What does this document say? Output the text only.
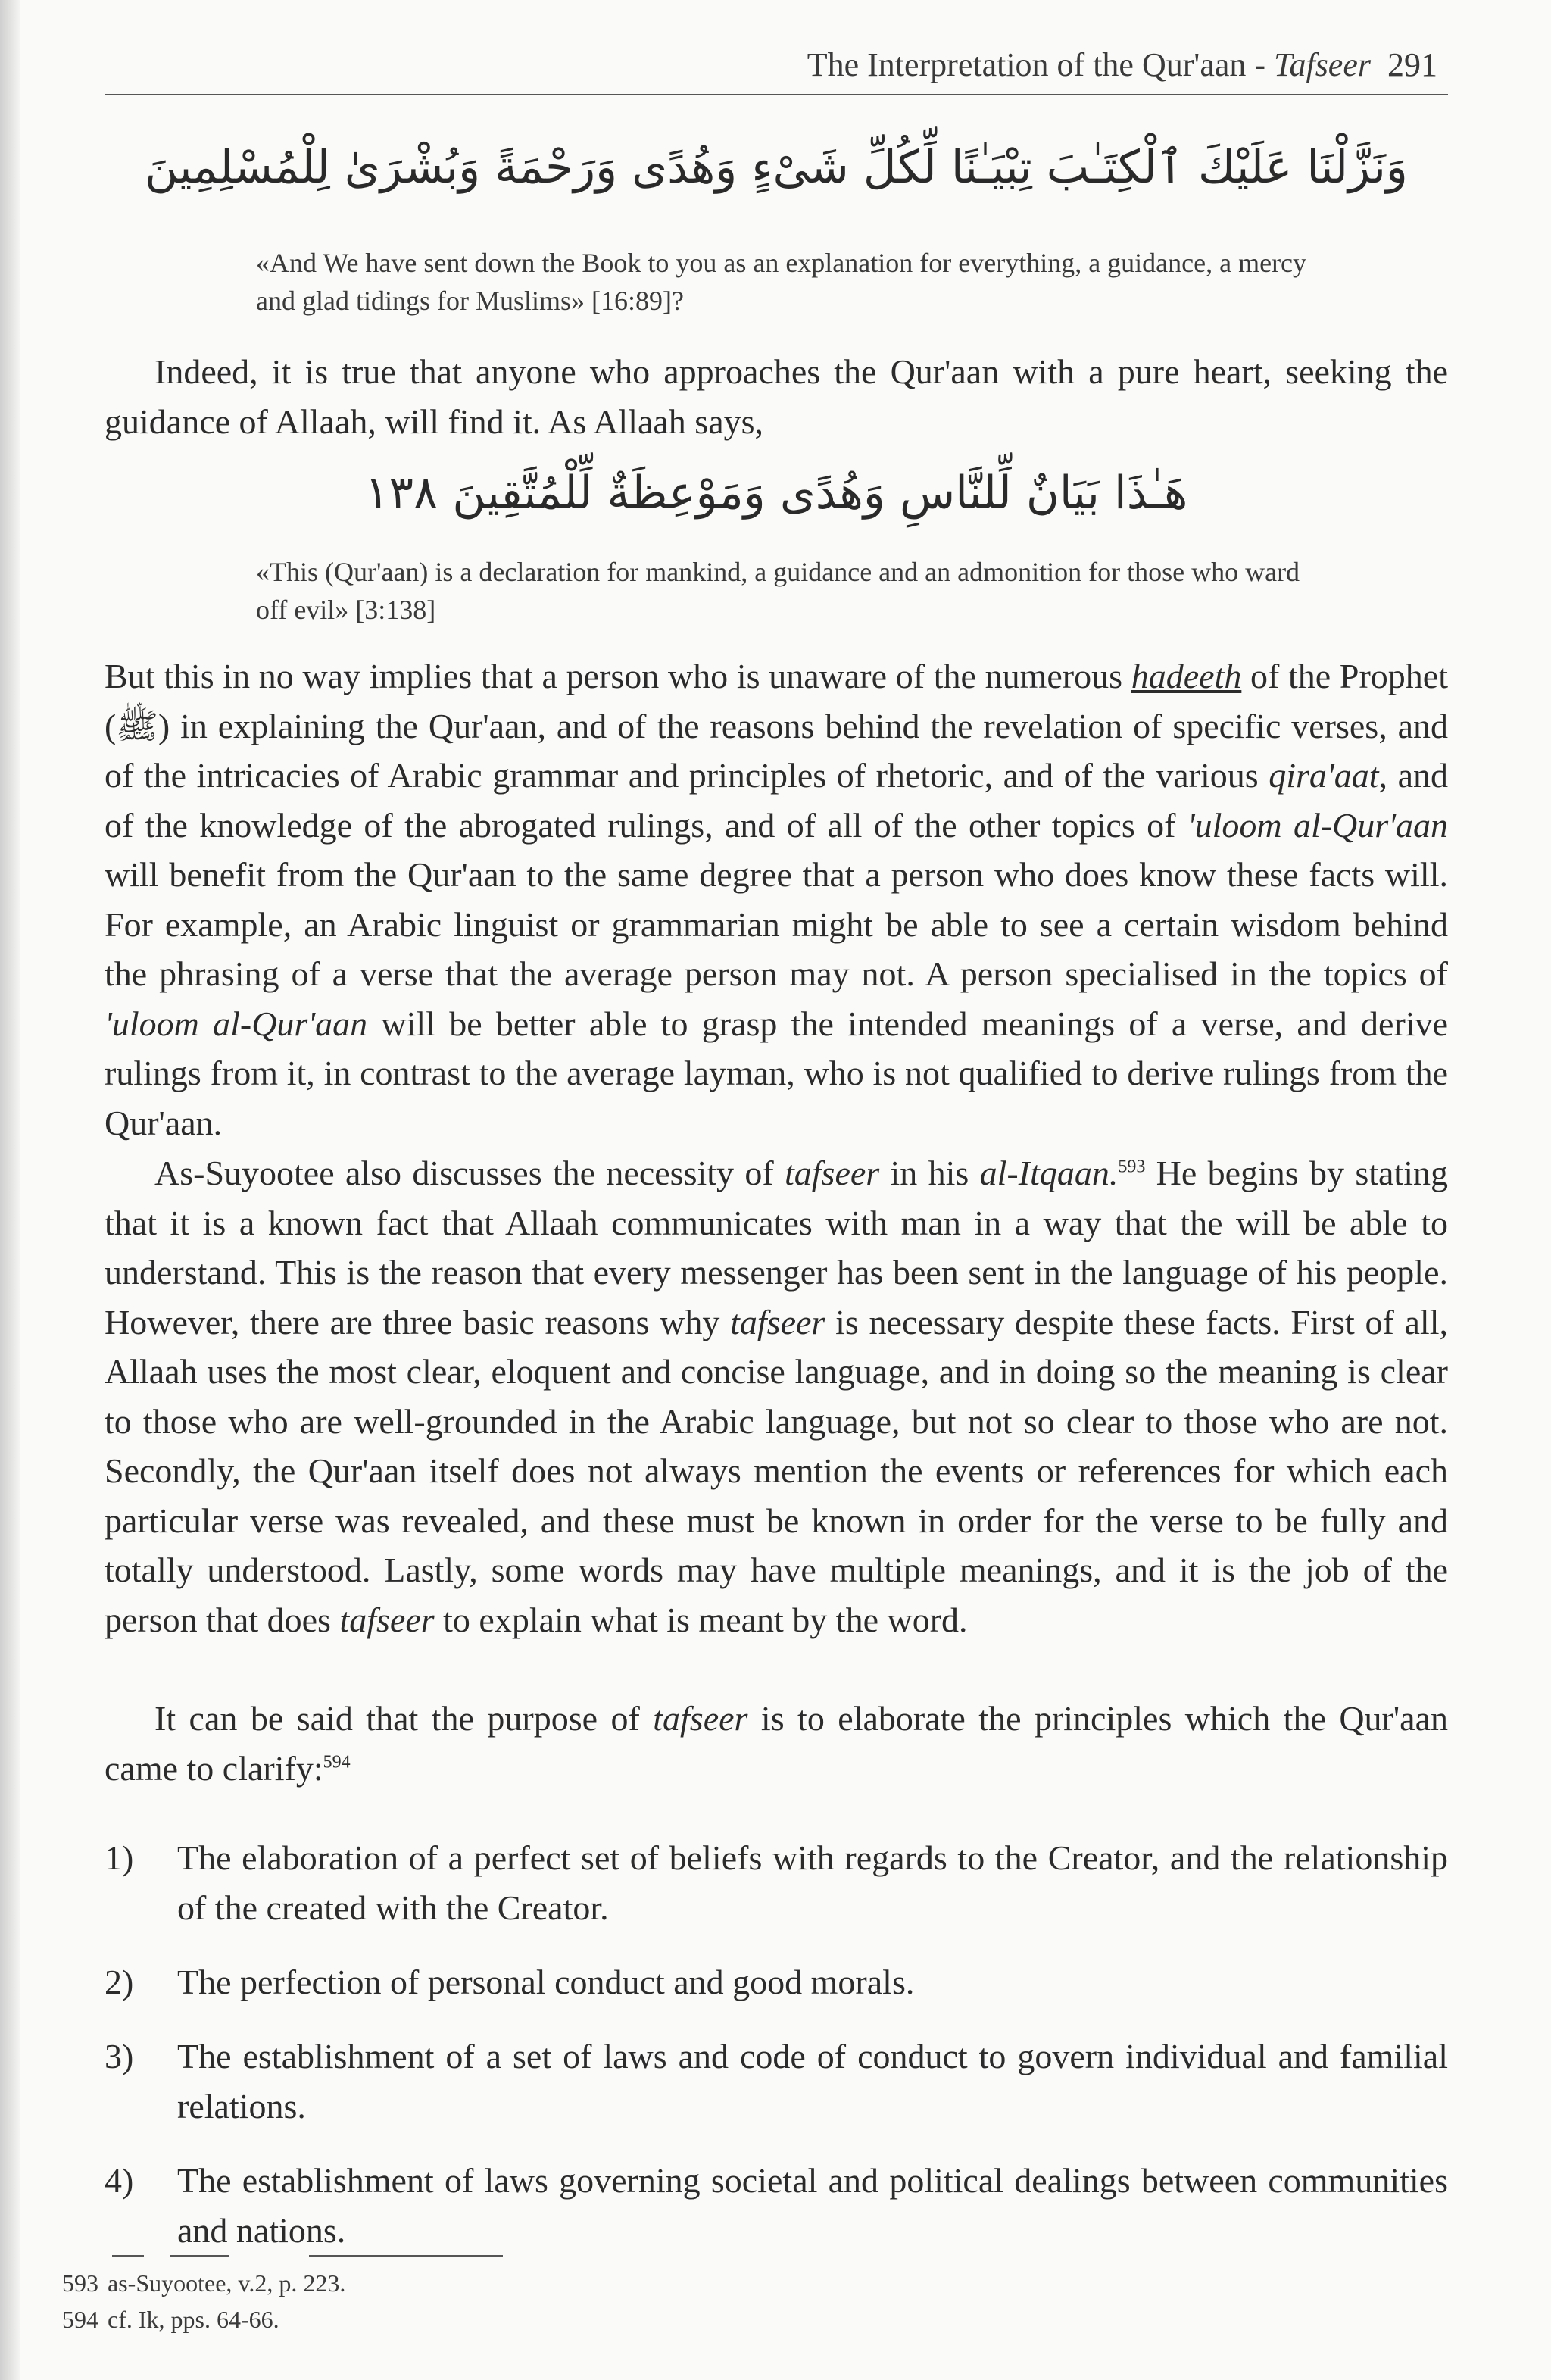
The Interpretation of the Qur'aan - Tafseer 291
وَنَزَّلْنَا عَلَيْكَ ٱلْكِتَـٰبَ تِبْيَـٰنًا لِّكُلِّ شَىْءٍ وَهُدًى وَرَحْمَةً وَبُشْرَىٰ لِلْمُسْلِمِينَ
«And We have sent down the Book to you as an explanation for everything, a guidance, a mercy and glad tidings for Muslims» [16:89]?
Indeed, it is true that anyone who approaches the Qur'aan with a pure heart, seeking the guidance of Allaah, will find it. As Allaah says,
هَـٰذَا بَيَانٌ لِّلنَّاسِ وَهُدًى وَمَوْعِظَةٌ لِّلْمُتَّقِينَ ١٣٨
«This (Qur'aan) is a declaration for mankind, a guidance and an admonition for those who ward off evil» [3:138]
But this in no way implies that a person who is unaware of the numerous hadeeth of the Prophet (ﷺ) in explaining the Qur'aan, and of the reasons behind the revelation of specific verses, and of the intricacies of Arabic grammar and principles of rhetoric, and of the various qira'aat, and of the knowledge of the abrogated rulings, and of all of the other topics of 'uloom al-Qur'aan will benefit from the Qur'aan to the same degree that a person who does know these facts will. For example, an Arabic linguist or grammarian might be able to see a certain wisdom behind the phrasing of a verse that the average person may not. A person specialised in the topics of 'uloom al-Qur'aan will be better able to grasp the intended meanings of a verse, and derive rulings from it, in contrast to the average layman, who is not qualified to derive rulings from the Qur'aan.
As-Suyootee also discusses the necessity of tafseer in his al-Itqaan.$^{593}$ He begins by stating that it is a known fact that Allaah communicates with man in a way that the will be able to understand. This is the reason that every messenger has been sent in the language of his people. However, there are three basic reasons why tafseer is necessary despite these facts. First of all, Allaah uses the most clear, eloquent and concise language, and in doing so the meaning is clear to those who are well-grounded in the Arabic language, but not so clear to those who are not. Secondly, the Qur'aan itself does not always mention the events or references for which each particular verse was revealed, and these must be known in order for the verse to be fully and totally understood. Lastly, some words may have multiple meanings, and it is the job of the person that does tafseer to explain what is meant by the word.
It can be said that the purpose of tafseer is to elaborate the principles which the Qur'aan came to clarify:$^{594}$
1) The elaboration of a perfect set of beliefs with regards to the Creator, and the relationship of the created with the Creator.
2) The perfection of personal conduct and good morals.
3) The establishment of a set of laws and code of conduct to govern individual and familial relations.
4) The establishment of laws governing societal and political dealings between communities and nations.
593 as-Suyootee, v.2, p. 223.
594 cf. Ik, pps. 64-66.
